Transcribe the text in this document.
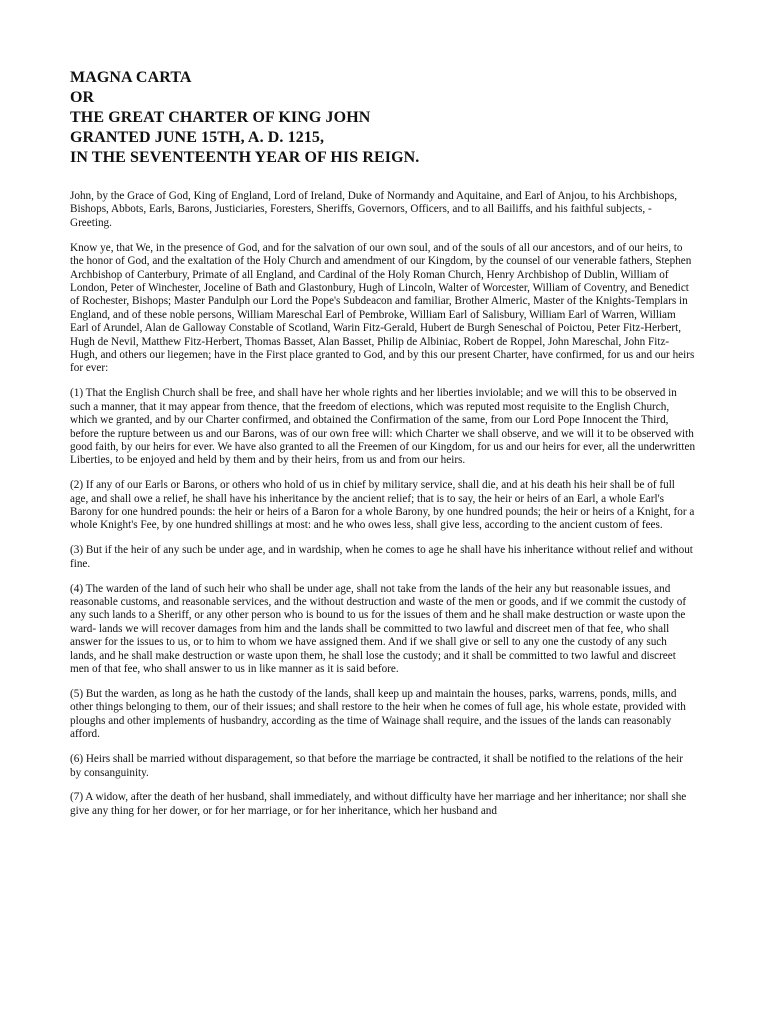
MAGNA CARTA
OR
THE GREAT CHARTER OF KING JOHN
GRANTED JUNE 15TH, A. D. 1215,
IN THE SEVENTEENTH YEAR OF HIS REIGN.

John, by the Grace of God, King of England, Lord of Ireland, Duke of Normandy and Aquitaine, and Earl of Anjou, to his Archbishops, Bishops, Abbots, Earls, Barons, Justiciaries, Foresters, Sheriffs, Governors, Officers, and to all Bailiffs, and his faithful subjects, - Greeting.

Know ye, that We, in the presence of God, and for the salvation of our own soul, and of the souls of all our ancestors, and of our heirs, to the honor of God, and the exaltation of the Holy Church and amendment of our Kingdom, by the counsel of our venerable fathers, Stephen Archbishop of Canterbury, Primate of all England, and Cardinal of the Holy Roman Church, Henry Archbishop of Dublin, William of London, Peter of Winchester, Joceline of Bath and Glastonbury, Hugh of Lincoln, Walter of Worcester, William of Coventry, and Benedict of Rochester, Bishops; Master Pandulph our Lord the Pope's Subdeacon and familiar, Brother Almeric, Master of the Knights-Templars in England, and of these noble persons, William Mareschal Earl of Pembroke, William Earl of Salisbury, William Earl of Warren, William Earl of Arundel, Alan de Galloway Constable of Scotland, Warin Fitz-Gerald, Hubert de Burgh Seneschal of Poictou, Peter Fitz-Herbert, Hugh de Nevil, Matthew Fitz-Herbert, Thomas Basset, Alan Basset, Philip de Albiniac, Robert de Roppel, John Mareschal, John Fitz-Hugh, and others our liegemen; have in the First place granted to God, and by this our present Charter, have confirmed, for us and our heirs for ever:

(1) That the English Church shall be free, and shall have her whole rights and her liberties inviolable; and we will this to be observed in such a manner, that it may appear from thence, that the freedom of elections, which was reputed most requisite to the English Church, which we granted, and by our Charter confirmed, and obtained the Confirmation of the same, from our Lord Pope Innocent the Third, before the rupture between us and our Barons, was of our own free will: which Charter we shall observe, and we will it to be observed with good faith, by our heirs for ever. We have also granted to all the Freemen of our Kingdom, for us and our heirs for ever, all the underwritten Liberties, to be enjoyed and held by them and by their heirs, from us and from our heirs.

(2) If any of our Earls or Barons, or others who hold of us in chief by military service, shall die, and at his death his heir shall be of full age, and shall owe a relief, he shall have his inheritance by the ancient relief; that is to say, the heir or heirs of an Earl, a whole Earl's Barony for one hundred pounds: the heir or heirs of a Baron for a whole Barony, by one hundred pounds; the heir or heirs of a Knight, for a whole Knight's Fee, by one hundred shillings at most: and he who owes less, shall give less, according to the ancient custom of fees.

(3) But if the heir of any such be under age, and in wardship, when he comes to age he shall have his inheritance without relief and without fine.

(4) The warden of the land of such heir who shall be under age, shall not take from the lands of the heir any but reasonable issues, and reasonable customs, and reasonable services, and the without destruction and waste of the men or goods, and if we commit the custody of any such lands to a Sheriff, or any other person who is bound to us for the issues of them and he shall make destruction or waste upon the ward- lands we will recover damages from him and the lands shall be committed to two lawful and discreet men of that fee, who shall answer for the issues to us, or to him to whom we have assigned them. And if we shall give or sell to any one the custody of any such lands, and he shall make destruction or waste upon them, he shall lose the custody; and it shall be committed to two lawful and discreet men of that fee, who shall answer to us in like manner as it is said before.

(5) But the warden, as long as he hath the custody of the lands, shall keep up and maintain the houses, parks, warrens, ponds, mills, and other things belonging to them, our of their issues; and shall restore to the heir when he comes of full age, his whole estate, provided with ploughs and other implements of husbandry, according as the time of Wainage shall require, and the issues of the lands can reasonably afford.

(6) Heirs shall be married without disparagement, so that before the marriage be contracted, it shall be notified to the relations of the heir by consanguinity.

(7) A widow, after the death of her husband, shall immediately, and without difficulty have her marriage and her inheritance; nor shall she give any thing for her dower, or for her marriage, or for her inheritance, which her husband and
